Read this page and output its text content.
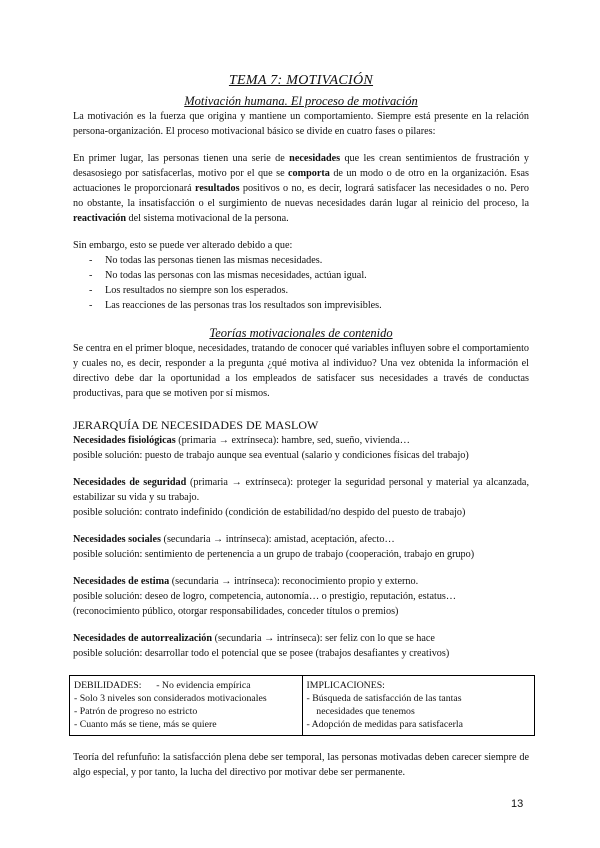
TEMA 7: MOTIVACIÓN
Motivación humana. El proceso de motivación

La motivación es la fuerza que origina y mantiene un comportamiento. Siempre está presente en la relación persona-organización. El proceso motivacional básico se divide en cuatro fases o pilares:

En primer lugar, las personas tienen una serie de necesidades que les crean sentimientos de frustración y desasosiego por satisfacerlas, motivo por el que se comporta de un modo o de otro en la organización. Esas actuaciones le proporcionará resultados positivos o no, es decir, logrará satisfacer las necesidades o no. Pero no obstante, la insatisfacción o el surgimiento de nuevas necesidades darán lugar al reinicio del proceso, la reactivación del sistema motivacional de la persona.

Sin embargo, esto se puede ver alterado debido a que:

- No todas las personas tienen las mismas necesidades.
- No todas las personas con las mismas necesidades, actúan igual.
- Los resultados no siempre son los esperados.
- Las reacciones de las personas tras los resultados son imprevisibles.
Teorías motivacionales de contenido

Se centra en el primer bloque, necesidades, tratando de conocer qué variables influyen sobre el comportamiento y cuales no, es decir, responder a la pregunta ¿qué motiva al individuo? Una vez obtenida la información el directivo debe dar la oportunidad a los empleados de satisfacer sus necesidades a través de conductas productivas, para que se motiven por sí mismos.

JERARQUÍA DE NECESIDADES DE MASLOW

Necesidades fisiológicas (primaria → extrínseca): hambre, sed, sueño, vivienda…

posible solución: puesto de trabajo aunque sea eventual (salario y condiciones físicas del trabajo)

Necesidades de seguridad (primaria → extrínseca): proteger la seguridad personal y material ya alcanzada, estabilizar su vida y su trabajo.

posible solución: contrato indefinido (condición de estabilidad/no despido del puesto de trabajo)

Necesidades sociales (secundaria → intrínseca): amistad, aceptación, afecto…

posible solución: sentimiento de pertenencia a un grupo de trabajo (cooperación, trabajo en grupo)

Necesidades de estima (secundaria → intrínseca): reconocimiento propio y externo.

posible solución: deseo de logro, competencia, autonomía… o prestigio, reputación, estatus…

(reconocimiento público, otorgar responsabilidades, conceder títulos o premios)

Necesidades de autorrealización (secundaria → intrínseca): ser feliz con lo que se hace

posible solución: desarrollar todo el potencial que se posee (trabajos desafiantes y creativos)

DEBILIDADES: - No evidencia empírica
- Solo 3 niveles son considerados motivacionales
- Patrón de progreso no estricto
- Cuanto más se tiene, más se quiere

IMPLICACIONES:
- Búsqueda de satisfacción de las tantas
necesidades que tenemos
- Adopción de medidas para satisfacerla

Teoría del refunfuño: la satisfacción plena debe ser temporal, las personas motivadas deben carecer siempre de algo especial, y por tanto, la lucha del directivo por motivar debe ser permanente.

13
